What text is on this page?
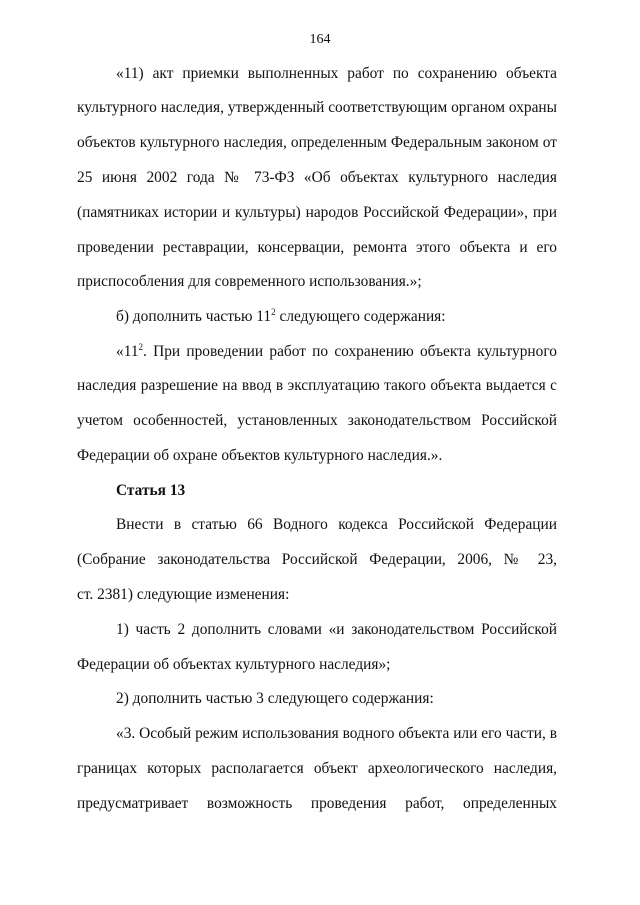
164
«11) акт приемки выполненных работ по сохранению объекта
культурного наследия, утвержденный соответствующим органом охраны
объектов культурного наследия, определенным Федеральным законом от
25 июня 2002 года № 73-ФЗ «Об объектах культурного наследия
(памятниках истории и культуры) народов Российской Федерации», при
проведении реставрации, консервации, ремонта этого объекта и его
приспособления для современного использования.»;
б) дополнить частью $11^2$ следующего содержания:
«$11^2$. При проведении работ по сохранению объекта культурного
наследия разрешение на ввод в эксплуатацию такого объекта выдается с
учетом особенностей, установленных законодательством Российской
Федерации об охране объектов культурного наследия.».
Статья 13
Внести в статью 66 Водного кодекса Российской Федерации
(Собрание законодательства Российской Федерации, 2006, № 23,
ст. 2381) следующие изменения:
1) часть 2 дополнить словами «и законодательством Российской
Федерации об объектах культурного наследия»;
2) дополнить частью 3 следующего содержания:
«3. Особый режим использования водного объекта или его части, в
границах которых располагается объект археологического наследия,
предусматривает возможность проведения работ, определенных
